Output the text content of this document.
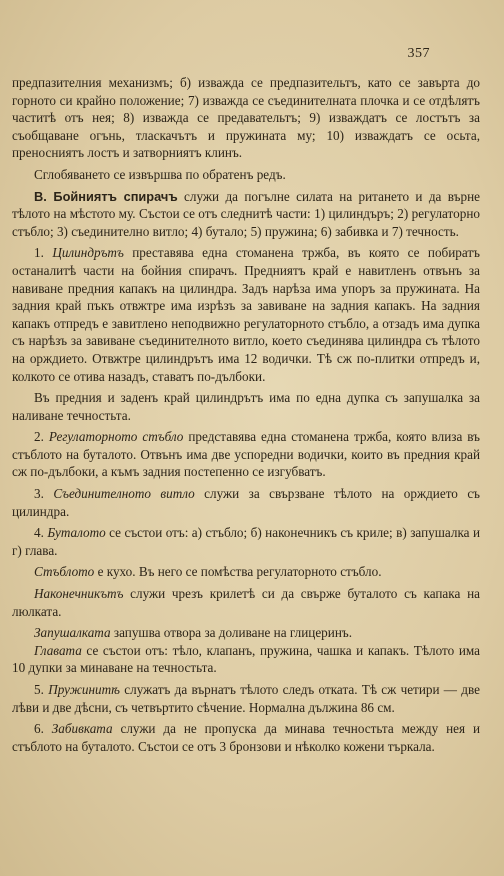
357

предпазителния механизмъ; б) изважда се предпазительтъ, като се завърта до горното си крайно положение; 7) изважда се съединителната плочка и се отдѣлятъ частитѣ отъ нея; 8) изважда се предавательтъ; 9) изваждатъ се лостътъ за съобщаване огънь, тласкачътъ и пружината му; 10) изваждатъ се осьта, преносниятъ лостъ и затворниятъ клинъ.

Сглобяването се извършва по обратенъ редъ.

B. Бойниятъ спирачъ служи да погълне силата на ритането и да върне тѣлото на мѣстото му. Състои се отъ следнитѣ части: 1) цилиндъръ; 2) регулаторно стъбло; 3) съединително витло; 4) бутало; 5) пружина; 6) забивка и 7) течность.

1. Цилиндрътъ преставява една стоманена тржба, въ която се побиратъ останалитѣ части на бойния спирачъ. Предниятъ край е навитленъ отвънъ за навиване предния капакъ на цилиндра. Задъ нарѣза има упоръ за пружината. На задния край пъкъ отвжтре има изрѣзъ за завиване на задния капакъ. На задния капакъ отпредъ е завитлено неподвижно регулаторното стъбло, а отзадъ има дупка съ нарѣзъ за завиване съединителното витло, което съединява цилиндра съ тѣлото на орждието. Отвжтре цилиндрътъ има 12 водички. Тѣ сж по-плитки отпредъ и, колкото се отива назадъ, ставатъ по-дълбоки.

Въ предния и заденъ край цилиндрътъ има по една дупка съ запушалка за наливане течностьта.

2. Регулаторното стъбло представява една стоманена тржба, която влиза въ стъблото на буталото. Отвънъ има две успоредни водички, които въ предния край сж по-дълбоки, а къмъ задния постепенно се изгубватъ.

3. Съединителното витло служи за свързване тѣлото на орждието съ цилиндра.

4. Буталото се състои отъ: а) стъбло; б) наконечникъ съ криле; в) запушалка и г) глава.

Стъблото е кухо. Въ него се помѣства регулаторното стъбло.

Наконечникътъ служи чрезъ крилетѣ си да свърже буталото съ капака на люлката.

Запушалката запушва отвора за доливане на глицеринъ.

Главата се състои отъ: тѣло, клапанъ, пружина, чашка и капакъ. Тѣлото има 10 дупки за минаване на течностьта.

5. Пружинитѣ служатъ да върнатъ тѣлото следъ отката. Тѣ сж четири — две лѣви и две дѣсни, съ четвъртито сѣчение. Нормална дължина 86 см.

6. Забивката служи да не пропуска да минава течностьта между нея и стъблото на буталото. Състои се отъ 3 бронзови и нѣколко кожени търкала.
